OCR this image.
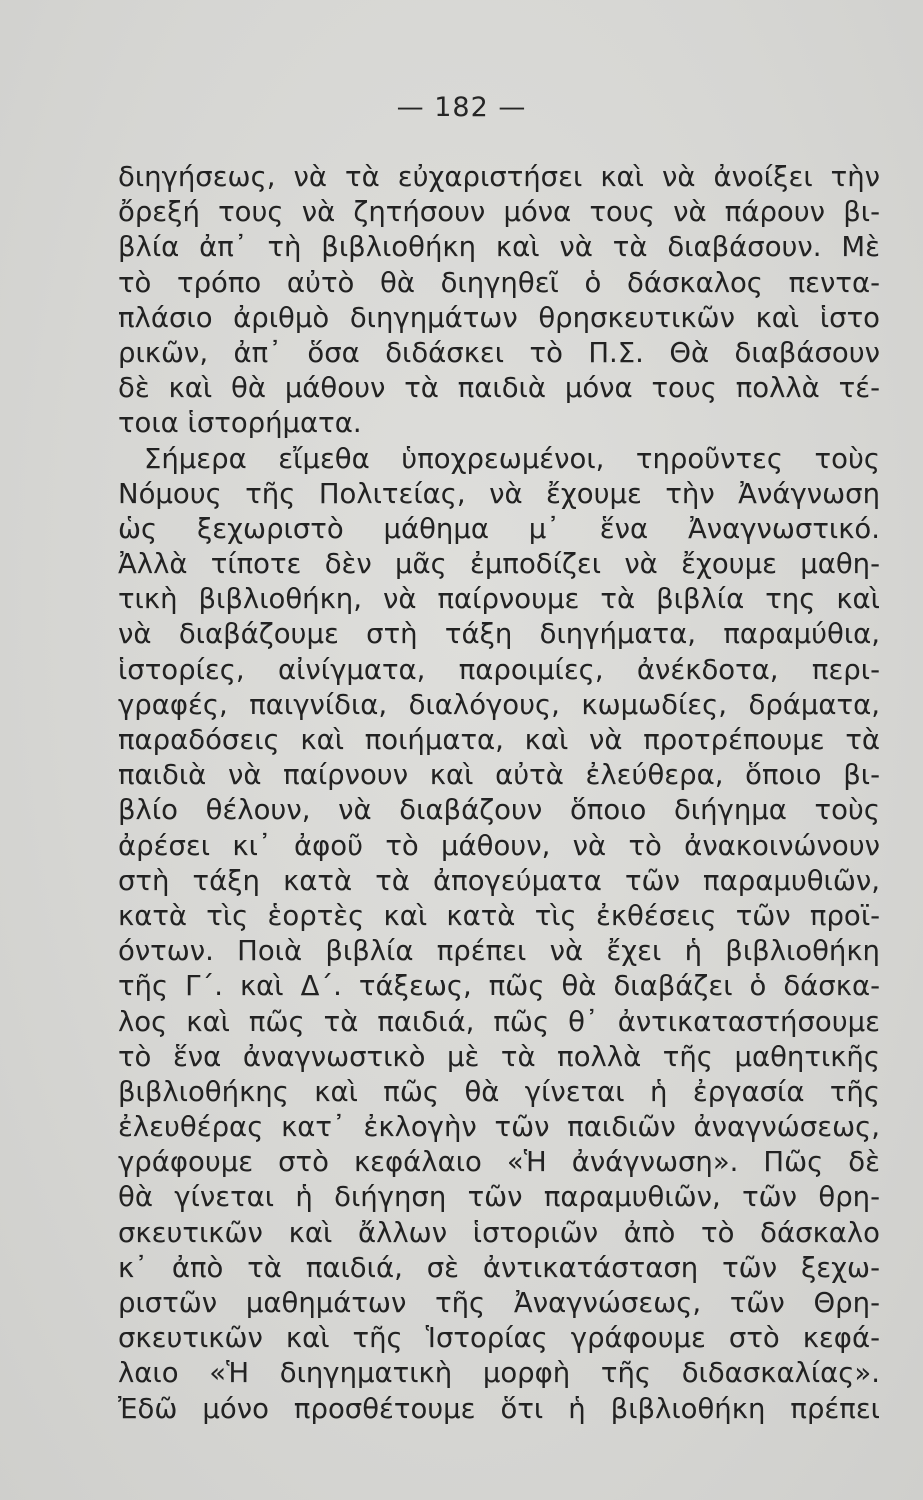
— 182 —
διηγήσεως, νὰ τὰ εὐχαριστήσει καὶ νὰ ἀνοίξει τὴν
ὄρεξή τους νὰ ζητήσουν μόνα τους νὰ πάρουν βι-
βλία ἀπ᾿ τὴ βιβλιοθήκη καὶ νὰ τὰ διαβάσουν. Μὲ
τὸ τρόπο αὐτὸ θὰ διηγηθεῖ ὁ δάσκαλος πεντα-
πλάσιο ἀριθμὸ διηγημάτων θρησκευτικῶν καὶ ἱστο
ρικῶν, ἀπ᾿ ὅσα διδάσκει τὸ Π.Σ. Θὰ διαβάσουν
δὲ καὶ θὰ μάθουν τὰ παιδιὰ μόνα τους πολλὰ τέ-
τοια ἱστορήματα.
Σήμερα εἴμεθα ὑποχρεωμένοι, τηροῦντες τοὺς
Νόμους τῆς Πολιτείας, νὰ ἔχουμε τὴν Ἀνάγνωση
ὡς ξεχωριστὸ μάθημα μ᾿ ἕνα Ἀναγνωστικό.
Ἀλλὰ τίποτε δὲν μᾶς ἐμποδίζει νὰ ἔχουμε μαθη-
τικὴ βιβλιοθήκη, νὰ παίρνουμε τὰ βιβλία της καὶ
νὰ διαβάζουμε στὴ τάξη διηγήματα, παραμύθια,
ἱστορίες, αἰνίγματα, παροιμίες, ἀνέκδοτα, περι-
γραφές, παιγνίδια, διαλόγους, κωμωδίες, δράματα,
παραδόσεις καὶ ποιήματα, καὶ νὰ προτρέπουμε τὰ
παιδιὰ νὰ παίρνουν καὶ αὐτὰ ἐλεύθερα, ὅποιο βι-
βλίο θέλουν, νὰ διαβάζουν ὅποιο διήγημα τοὺς
ἀρέσει κι᾿ ἀφοῦ τὸ μάθουν, νὰ τὸ ἀνακοινώνουν
στὴ τάξη κατὰ τὰ ἀπογεύματα τῶν παραμυθιῶν,
κατὰ τὶς ἑορτὲς καὶ κατὰ τὶς ἐκθέσεις τῶν προϊ-
όντων. Ποιὰ βιβλία πρέπει νὰ ἔχει ἡ βιβλιοθήκη
τῆς Γ΄. καὶ Δ΄. τάξεως, πῶς θὰ διαβάζει ὁ δάσκα-
λος καὶ πῶς τὰ παιδιά, πῶς θ᾿ ἀντικαταστήσουμε
τὸ ἕνα ἀναγνωστικὸ μὲ τὰ πολλὰ τῆς μαθητικῆς
βιβλιοθήκης καὶ πῶς θὰ γίνεται ἡ ἐργασία τῆς
ἐλευθέρας κατ᾿ ἐκλογὴν τῶν παιδιῶν ἀναγνώσεως,
γράφουμε στὸ κεφάλαιο «Ἡ ἀνάγνωση». Πῶς δὲ
θὰ γίνεται ἡ διήγηση τῶν παραμυθιῶν, τῶν θρη-
σκευτικῶν καὶ ἄλλων ἱστοριῶν ἀπὸ τὸ δάσκαλο
κ᾿ ἀπὸ τὰ παιδιά, σὲ ἀντικατάσταση τῶν ξεχω-
ριστῶν μαθημάτων τῆς Ἀναγνώσεως, τῶν Θρη-
σκευτικῶν καὶ τῆς Ἱστορίας γράφουμε στὸ κεφά-
λαιο «Ἡ διηγηματικὴ μορφὴ τῆς διδασκαλίας».
Ἐδῶ μόνο προσθέτουμε ὅτι ἡ βιβλιοθήκη πρέπει
